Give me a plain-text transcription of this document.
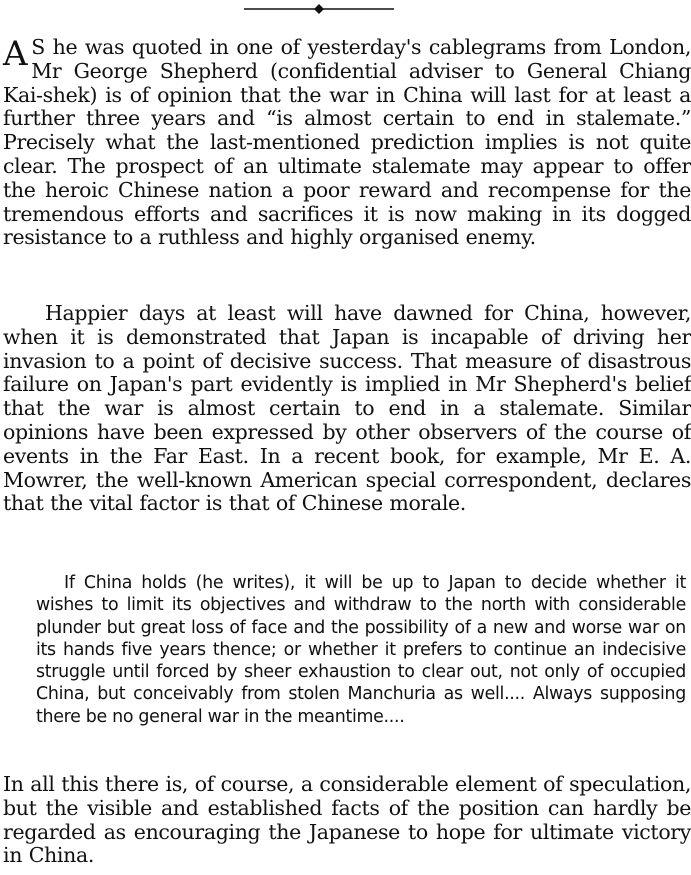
A S he was quoted in one of yesterday's cablegrams from London, Mr George Shepherd (confidential adviser to General Chiang Kai-shek) is of opinion that the war in China will last for at least a further three years and “is almost certain to end in stalemate.” Precisely what the last-mentioned prediction implies is not quite clear. The prospect of an ultimate stalemate may appear to offer the heroic Chinese nation a poor reward and recompense for the tremendous efforts and sacrifices it is now making in its dogged resistance to a ruthless and highly organised enemy.

Happier days at least will have dawned for China, however, when it is demonstrated that Japan is incapable of driving her invasion to a point of decisive success. That measure of disastrous failure on Japan's part evidently is implied in Mr Shepherd's belief that the war is almost certain to end in a stalemate. Similar opinions have been expressed by other observers of the course of events in the Far East. In a recent book, for example, Mr E. A. Mowrer, the well-known American special correspondent, declares that the vital factor is that of Chinese morale.

If China holds (he writes), it will be up to Japan to decide whether it wishes to limit its objectives and withdraw to the north with considerable plunder but great loss of face and the possibility of a new and worse war on its hands five years thence; or whether it prefers to continue an indecisive struggle until forced by sheer exhaustion to clear out, not only of occupied China, but conceivably from stolen Manchuria as well.... Always supposing there be no general war in the meantime....

In all this there is, of course, a considerable element of speculation, but the visible and established facts of the position can hardly be regarded as encouraging the Japanese to hope for ultimate victory in China.
